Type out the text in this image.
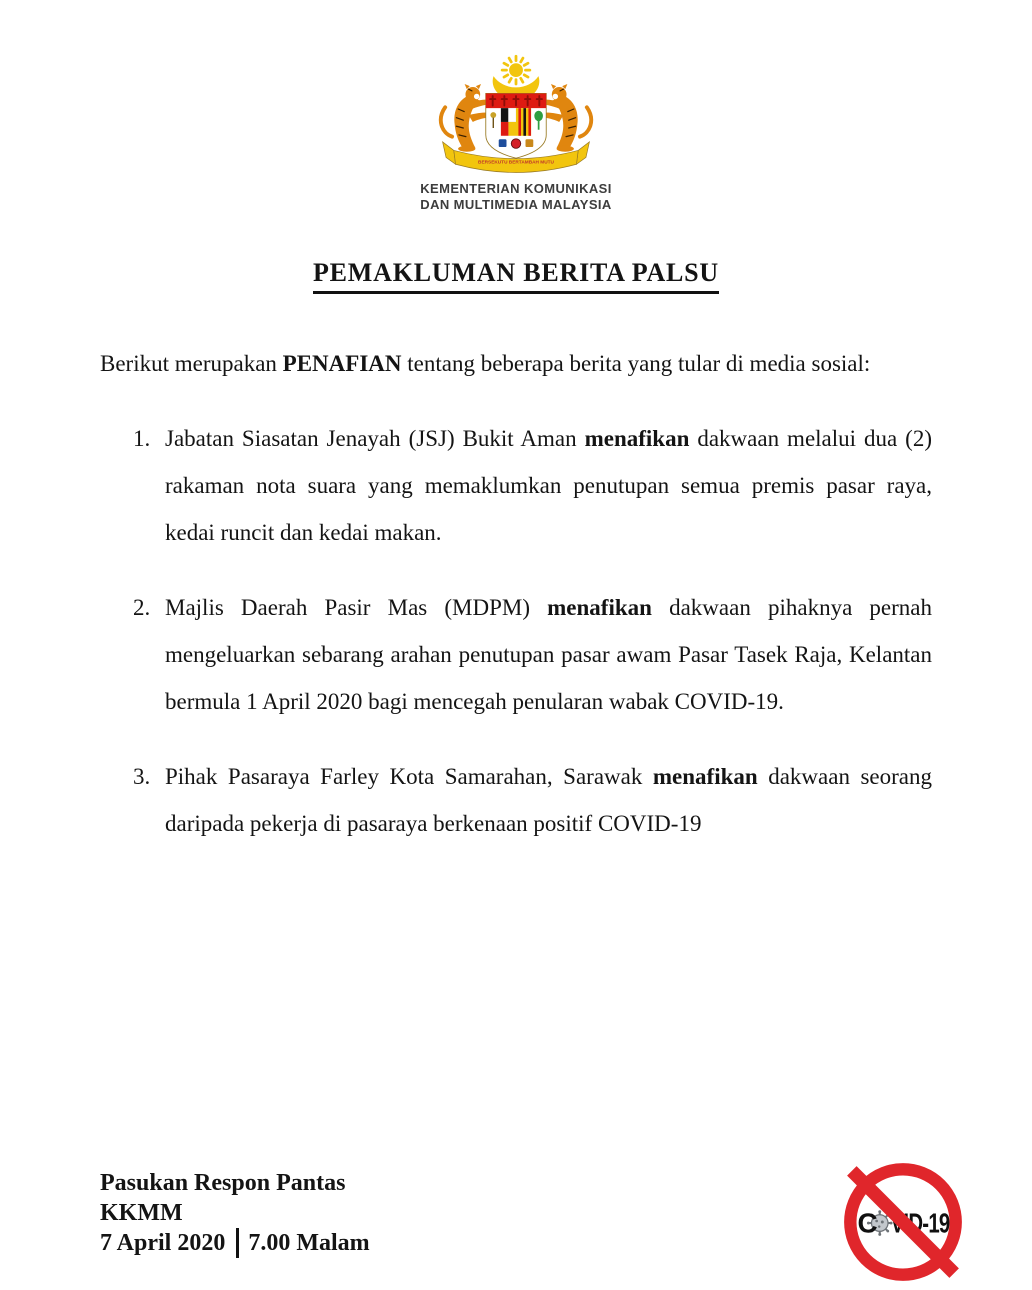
BERSEKUTU BERTAMBAH MUTU
KEMENTERIAN KOMUNIKASI
DAN MULTIMEDIA MALAYSIA
PEMAKLUMAN BERITA PALSU

Berikut merupakan PENAFIAN tentang beberapa berita yang tular di media sosial:

1. Jabatan Siasatan Jenayah (JSJ) Bukit Aman menafikan dakwaan melalui dua (2) rakaman nota suara yang memaklumkan penutupan semua premis pasar raya, kedai runcit dan kedai makan.
2. Majlis Daerah Pasir Mas (MDPM) menafikan dakwaan pihaknya pernah mengeluarkan sebarang arahan penutupan pasar awam Pasar Tasek Raja, Kelantan bermula 1 April 2020 bagi mencegah penularan wabak COVID-19.
3. Pihak Pasaraya Farley Kota Samarahan, Sarawak menafikan dakwaan seorang daripada pekerja di pasaraya berkenaan positif COVID-19
Pasukan Respon Pantas
KKMM
7 April 2020 7.00 Malam
C VID-19
